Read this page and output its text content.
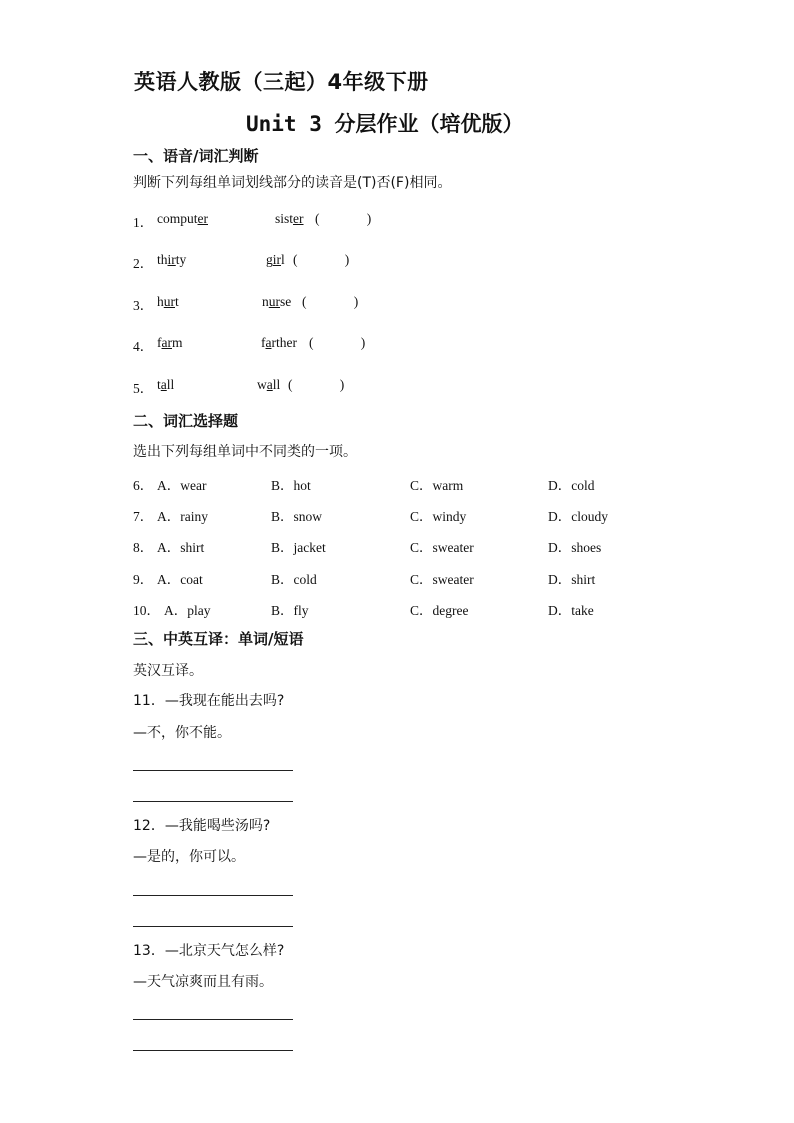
英语人教版（三起）4年级下册
Unit 3 分层作业（培优版）
一、语音/词汇判断
判断下列每组单词划线部分的读音是(T)否(F)相同。
1． computer	sister (              )
2． thirty	girl (              )
3． hurt	nurse (              )
4． farm	farther (              )
5． tall	wall (              )
二、词汇选择题
选出下列每组单词中不同类的一项。
6． A．wear	B．hot	C．warm	D．cold
7． A．rainy	B．snow	C．windy	D．cloudy
8． A．shirt	B．jacket	C．sweater	D．shoes
9． A．coat	B．cold	C．sweater	D．shirt
10． A．play	B．fly	C．degree	D．take
三、中英互译：单词/短语
英汉互译。
11．—我现在能出去吗?
—不，你不能。
12．—我能喝些汤吗?
—是的，你可以。
13．—北京天气怎么样?
—天气凉爽而且有雨。
